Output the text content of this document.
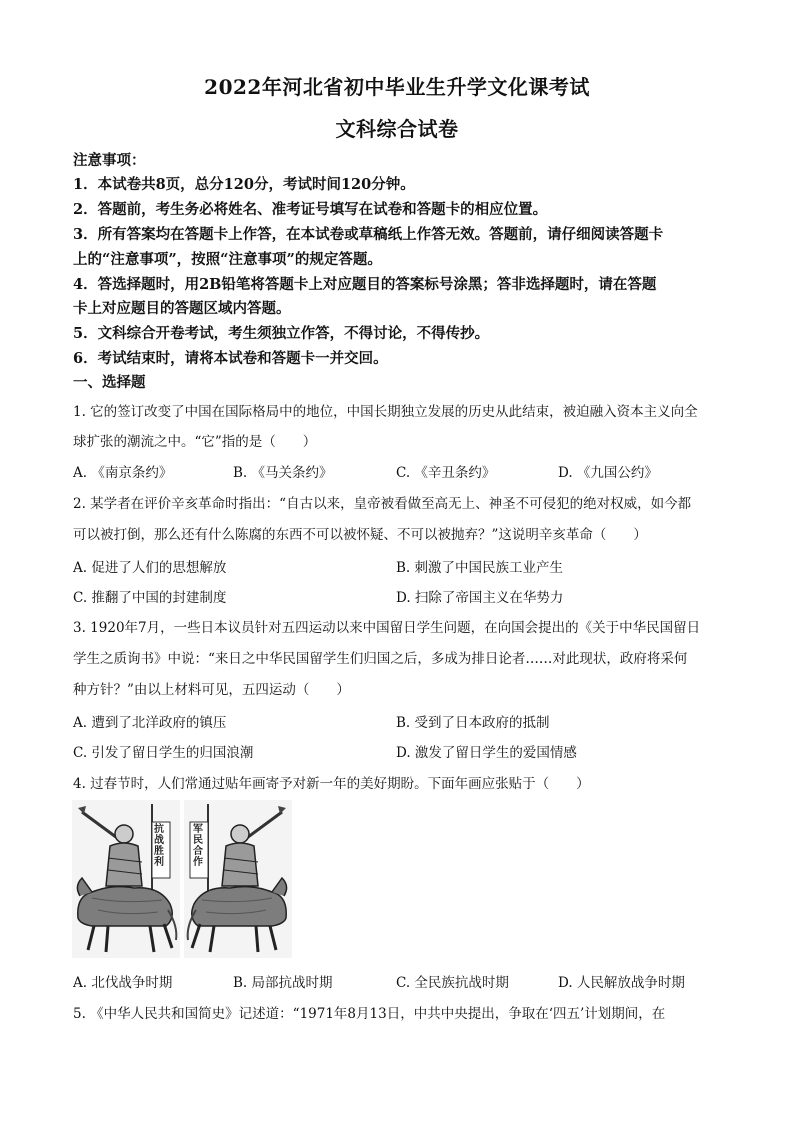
2022年河北省初中毕业生升学文化课考试
文科综合试卷
注意事项：
1．本试卷共8页，总分120分，考试时间120分钟。
2．答题前，考生务必将姓名、准考证号填写在试卷和答题卡的相应位置。
3．所有答案均在答题卡上作答，在本试卷或草稿纸上作答无效。答题前，请仔细阅读答题卡
上的“注意事项”，按照“注意事项”的规定答题。
4．答选择题时，用2B铅笔将答题卡上对应题目的答案标号涂黑；答非选择题时，请在答题
卡上对应题目的答题区域内答题。
5．文科综合开卷考试，考生须独立作答，不得讨论，不得传抄。
6．考试结束时，请将本试卷和答题卡一并交回。
一、选择题
1. 它的签订改变了中国在国际格局中的地位，中国长期独立发展的历史从此结束，被迫融入资本主义向全
球扩张的潮流之中。“它”指的是（　　）
A. 《南京条约》	B. 《马关条约》	C. 《辛丑条约》	D. 《九国公约》
2. 某学者在评价辛亥革命时指出：“自古以来，皇帝被看做至高无上、神圣不可侵犯的绝对权威，如今都
可以被打倒，那么还有什么陈腐的东西不可以被怀疑、不可以被抛弃？”这说明辛亥革命（　　）
A. 促进了人们的思想解放	B. 刺激了中国民族工业产生
C. 推翻了中国的封建制度	D. 扫除了帝国主义在华势力
3. 1920年7月，一些日本议员针对五四运动以来中国留日学生问题，在向国会提出的《关于中华民国留日
学生之质询书》中说：“来日之中华民国留学生们归国之后，多成为排日论者……对此现状，政府将采何
种方针？”由以上材料可见，五四运动（　　）
A. 遭到了北洋政府的镇压	B. 受到了日本政府的抵制
C. 引发了留日学生的归国浪潮	D. 激发了留日学生的爱国情感
4. 过春节时，人们常通过贴年画寄予对新一年的美好期盼。下面年画应张贴于（　　）
抗战胜利
军民合作
A. 北伐战争时期	B. 局部抗战时期	C. 全民族抗战时期	D. 人民解放战争时期
5. 《中华人民共和国简史》记述道：“1971年8月13日，中共中央提出，争取在‘四五’计划期间，在
